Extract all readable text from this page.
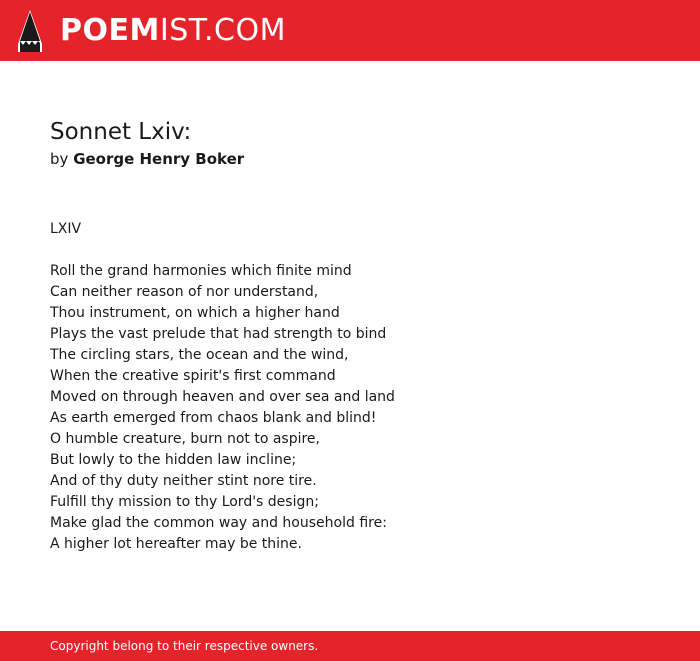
POEMIST.COM
Sonnet Lxiv:

by George Henry Boker

LXIV
Roll the grand harmonies which finite mind
Can neither reason of nor understand,
Thou instrument, on which a higher hand
Plays the vast prelude that had strength to bind
The circling stars, the ocean and the wind,
When the creative spirit's first command
Moved on through heaven and over sea and land
As earth emerged from chaos blank and blind!
O humble creature, burn not to aspire,
But lowly to the hidden law incline;
And of thy duty neither stint nore tire.
Fulfill thy mission to thy Lord's design;
Make glad the common way and household fire:
A higher lot hereafter may be thine.
Copyright belong to their respective owners.
